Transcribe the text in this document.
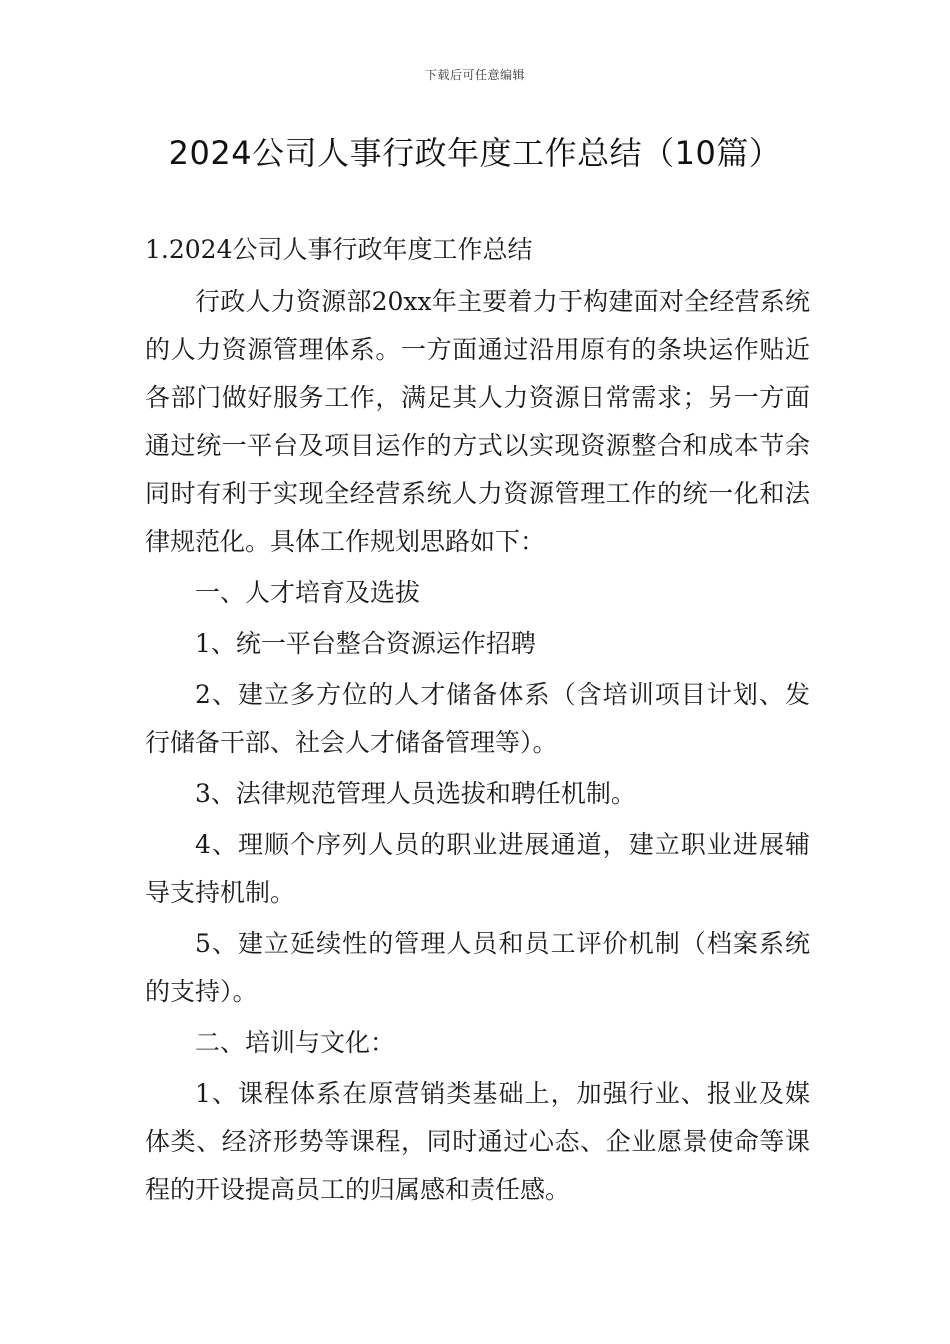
下载后可任意编辑
2024公司人事行政年度工作总结（10篇）

1.2024公司人事行政年度工作总结

行政人力资源部20xx年主要着力于构建面对全经营系统的人力资源管理体系。一方面通过沿用原有的条块运作贴近各部门做好服务工作，满足其人力资源日常需求；另一方面通过统一平台及项目运作的方式以实现资源整合和成本节余同时有利于实现全经营系统人力资源管理工作的统一化和法律规范化。具体工作规划思路如下：

一、人才培育及选拔

1、统一平台整合资源运作招聘

2、建立多方位的人才储备体系（含培训项目计划、发行储备干部、社会人才储备管理等）。

3、法律规范管理人员选拔和聘任机制。

4、理顺个序列人员的职业进展通道，建立职业进展辅导支持机制。

5、建立延续性的管理人员和员工评价机制（档案系统的支持）。

二、培训与文化：

1、课程体系在原营销类基础上，加强行业、报业及媒体类、经济形势等课程，同时通过心态、企业愿景使命等课程的开设提高员工的归属感和责任感。
